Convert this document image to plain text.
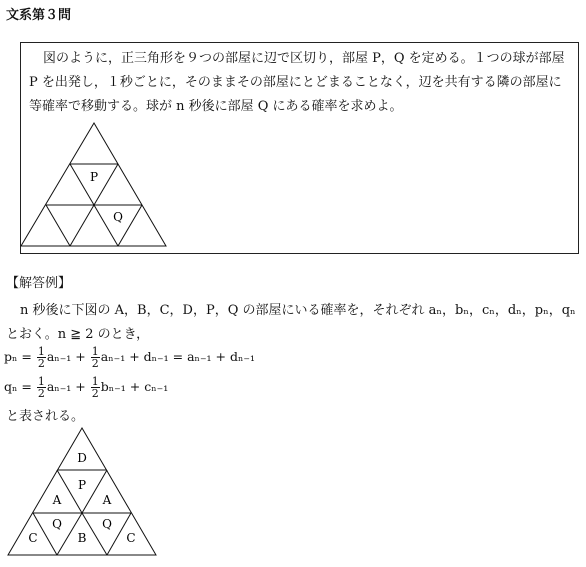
文系第３問

図のように，正三角形を９つの部屋に辺で区切り，部屋 P，Q を定める。１つの球が部屋 P を出発し，１秒ごとに，そのままその部屋にとどまることなく，辺を共有する隣の部屋に等確率で移動する。球が n 秒後に部屋 Q にある確率を求めよ。

P
Q
【解答例】
n 秒後に下図の A，B，C，D，P，Q の部屋にいる確率を，それぞれ aₙ，bₙ，cₙ，dₙ，pₙ，qₙ
とおく。n ≧ 2 のとき，
$p_n = \frac{1}{2} a_{n-1} + \frac{1}{2} a_{n-1} + d_{n-1} = a_{n-1} + d_{n-1}$
$q_n = \frac{1}{2} a_{n-1} + \frac{1}{2} b_{n-1} + c_{n-1}$
と表される。
D
A
P
A
C
Q
B
Q
C
